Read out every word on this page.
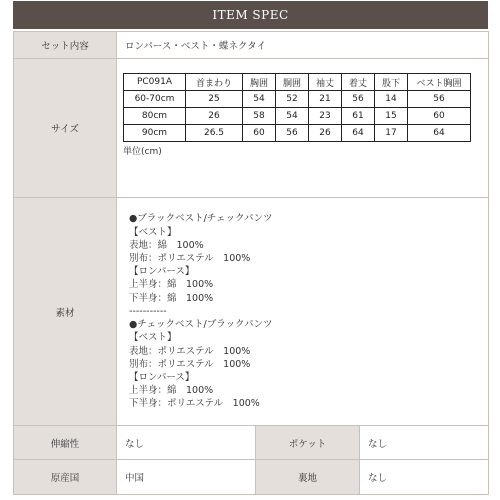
ITEM SPEC
セット内容	ロンパース・ベスト・蝶ネクタイ
サイズ	
PC091A	首まわり	胸囲	胴囲	袖丈	着丈	股下	ベスト胸囲
60-70cm	25	54	52	21	56	14	56
80cm	26	58	54	23	61	15	60
90cm	26.5	60	56	26	64	17	64
単位(cm)

素材	
●ブラックベスト/チェックパンツ
【ベスト】
表地：綿　100%
別布：ポリエステル　100%
【ロンパース】
上半身：綿　100%
下半身：綿　100%
-----------
●チェックベスト/ブラックパンツ
【ベスト】
表地：ポリエステル　100%
別布：ポリエステル　100%
【ロンパース】
上半身：綿　100%
下半身：ポリエステル　100%

伸縮性	なし	ポケット	なし
原産国	中国	裏地	なし
